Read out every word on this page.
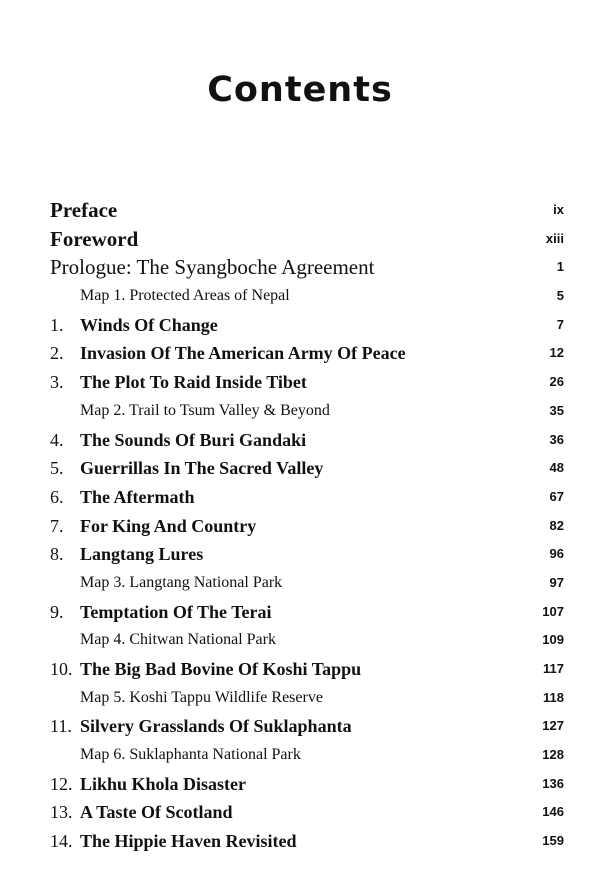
Contents
Preface	ix
Foreword	xiii
Prologue: The Syangboche Agreement	1
Map 1. Protected Areas of Nepal	5
1. Winds Of Change	7
2. Invasion Of The American Army Of Peace	12
3. The Plot To Raid Inside Tibet	26
Map 2. Trail to Tsum Valley & Beyond	35
4. The Sounds Of Buri Gandaki	36
5. Guerrillas In The Sacred Valley	48
6. The Aftermath	67
7. For King And Country	82
8. Langtang Lures	96
Map 3. Langtang National Park	97
9. Temptation Of The Terai	107
Map 4. Chitwan National Park	109
10. The Big Bad Bovine Of Koshi Tappu	117
Map 5. Koshi Tappu Wildlife Reserve	118
11. Silvery Grasslands Of Suklaphanta	127
Map 6. Suklaphanta National Park	128
12. Likhu Khola Disaster	136
13. A Taste Of Scotland	146
14. The Hippie Haven Revisited	159
